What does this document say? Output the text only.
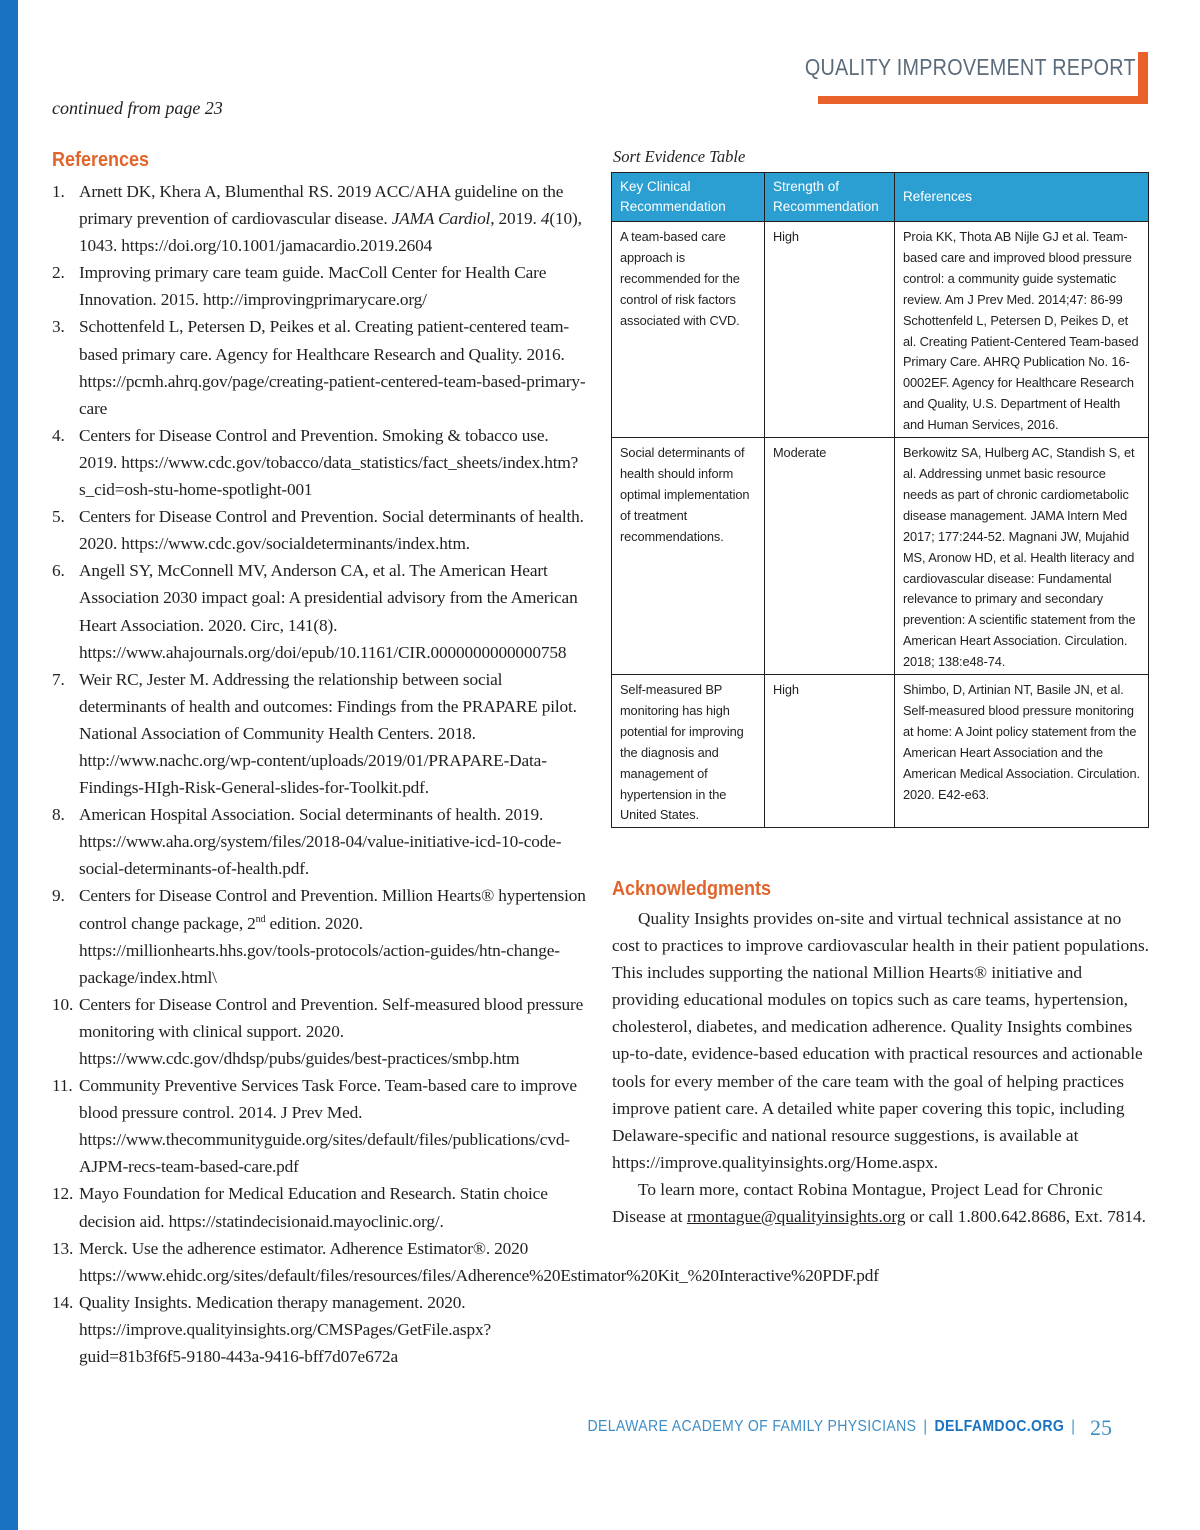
QUALITY IMPROVEMENT REPORT
continued from page 23
References
1. Arnett DK, Khera A, Blumenthal RS. 2019 ACC/AHA guideline on the primary prevention of cardiovascular disease. JAMA Cardiol, 2019. 4(10), 1043. https://doi.org/10.1001/jamacardio.2019.2604
2. Improving primary care team guide. MacColl Center for Health Care Innovation. 2015. http://improvingprimarycare.org/
3. Schottenfeld L, Petersen D, Peikes et al. Creating patient-centered team-based primary care. Agency for Healthcare Research and Quality. 2016. https://pcmh.ahrq.gov/page/creating-patient-centered-team-based-primary-care
4. Centers for Disease Control and Prevention. Smoking & tobacco use. 2019. https://www.cdc.gov/tobacco/data_statistics/fact_sheets/index.htm?s_cid=osh-stu-home-spotlight-001
5. Centers for Disease Control and Prevention. Social determinants of health. 2020. https://www.cdc.gov/socialdeterminants/index.htm.
6. Angell SY, McConnell MV, Anderson CA, et al. The American Heart Association 2030 impact goal: A presidential advisory from the American Heart Association. 2020. Circ, 141(8). https://www.ahajournals.org/doi/epub/10.1161/CIR.0000000000000758
7. Weir RC, Jester M. Addressing the relationship between social determinants of health and outcomes: Findings from the PRAPARE pilot. National Association of Community Health Centers. 2018. http://www.nachc.org/wp-content/uploads/2019/01/PRAPARE-Data-Findings-HIgh-Risk-General-slides-for-Toolkit.pdf.
8. American Hospital Association. Social determinants of health. 2019. https://www.aha.org/system/files/2018-04/value-initiative-icd-10-code-social-determinants-of-health.pdf.
9. Centers for Disease Control and Prevention. Million Hearts® hypertension control change package, 2nd edition. 2020. https://millionhearts.hhs.gov/tools-protocols/action-guides/htn-change-package/index.html\
10. Centers for Disease Control and Prevention. Self-measured blood pressure monitoring with clinical support. 2020. https://www.cdc.gov/dhdsp/pubs/guides/best-practices/smbp.htm
11. Community Preventive Services Task Force. Team-based care to improve blood pressure control. 2014. J Prev Med. https://www.thecommunityguide.org/sites/default/files/publications/cvd-AJPM-recs-team-based-care.pdf
12. Mayo Foundation for Medical Education and Research. Statin choice decision aid. https://statindecisionaid.mayoclinic.org/.
13. Merck. Use the adherence estimator. Adherence Estimator®. 2020 https://www.ehidc.org/sites/default/files/resources/files/Adherence%20Estimator%20Kit_%20Interactive%20PDF.pdf
14. Quality Insights. Medication therapy management. 2020. https://improve.qualityinsights.org/CMSPages/GetFile.aspx?guid=81b3f6f5-9180-443a-9416-bff7d07e672a
Sort Evidence Table
Key Clinical Recommendation	Strength of Recommendation	References
A team-based care approach is recommended for the control of risk factors associated with CVD.	High	Proia KK, Thota AB Nijle GJ et al. Team-based care and improved blood pressure control: a community guide systematic review. Am J Prev Med. 2014;47: 86-99 Schottenfeld L, Petersen D, Peikes D, et al. Creating Patient-Centered Team-based Primary Care. AHRQ Publication No. 16-0002EF. Agency for Healthcare Research and Quality, U.S. Department of Health and Human Services, 2016.
Social determinants of health should inform optimal implementation of treatment recommendations.	Moderate	Berkowitz SA, Hulberg AC, Standish S, et al. Addressing unmet basic resource needs as part of chronic cardiometabolic disease management. JAMA Intern Med 2017; 177:244-52. Magnani JW, Mujahid MS, Aronow HD, et al. Health literacy and cardiovascular disease: Fundamental relevance to primary and secondary prevention: A scientific statement from the American Heart Association. Circulation. 2018; 138:e48-74.
Self-measured BP monitoring has high potential for improving the diagnosis and management of hypertension in the United States.	High	Shimbo, D, Artinian NT, Basile JN, et al. Self-measured blood pressure monitoring at home: A Joint policy statement from the American Heart Association and the American Medical Association. Circulation. 2020. E42-e63.
Acknowledgments

Quality Insights provides on-site and virtual technical assistance at no cost to practices to improve cardiovascular health in their patient populations. This includes supporting the national Million Hearts® initiative and providing educational modules on topics such as care teams, hypertension, cholesterol, diabetes, and medication adherence. Quality Insights combines up-to-date, evidence-based education with practical resources and actionable tools for every member of the care team with the goal of helping practices improve patient care. A detailed white paper covering this topic, including Delaware-specific and national resource suggestions, is available at https://improve.qualityinsights.org/Home.aspx.

To learn more, contact Robina Montague, Project Lead for Chronic Disease at rmontague@qualityinsights.org or call 1.800.642.8686, Ext. 7814.

DELAWARE ACADEMY OF FAMILY PHYSICIANS | DELFAMDOC.ORG | 25
